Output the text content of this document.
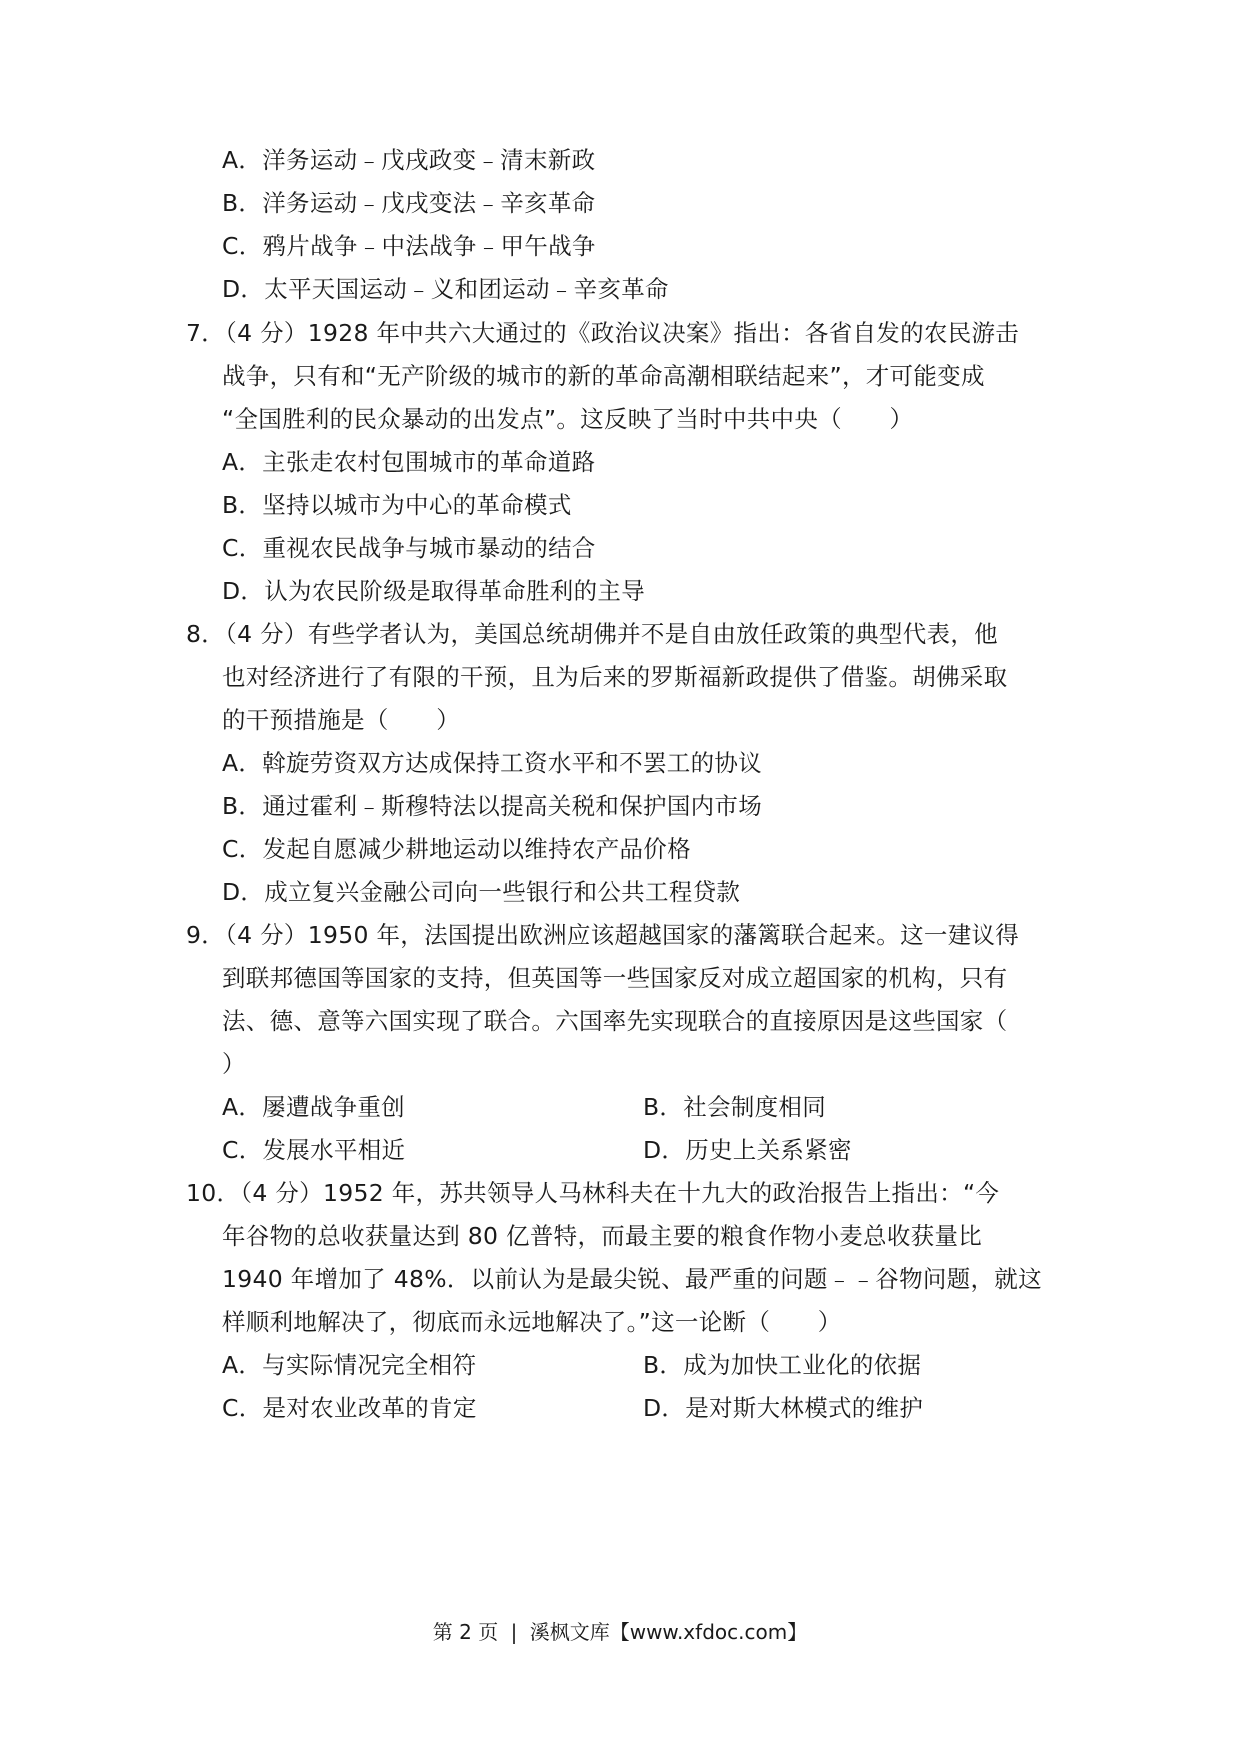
A．洋务运动﹣戊戌政变﹣清末新政
B．洋务运动﹣戊戌变法﹣辛亥革命
C．鸦片战争﹣中法战争﹣甲午战争
D．太平天国运动﹣义和团运动﹣辛亥革命
7．（4 分）1928 年中共六大通过的《政治议决案》指出：各省自发的农民游击
战争，只有和“无产阶级的城市的新的革命高潮相联结起来”，才可能变成
“全国胜利的民众暴动的出发点”。这反映了当时中共中央（　　）
A．主张走农村包围城市的革命道路
B．坚持以城市为中心的革命模式
C．重视农民战争与城市暴动的结合
D．认为农民阶级是取得革命胜利的主导
8．（4 分）有些学者认为，美国总统胡佛并不是自由放任政策的典型代表，他
也对经济进行了有限的干预，且为后来的罗斯福新政提供了借鉴。胡佛采取
的干预措施是（　　）
A．斡旋劳资双方达成保持工资水平和不罢工的协议
B．通过霍利﹣斯穆特法以提高关税和保护国内市场
C．发起自愿减少耕地运动以维持农产品价格
D．成立复兴金融公司向一些银行和公共工程贷款
9．（4 分）1950 年，法国提出欧洲应该超越国家的藩篱联合起来。这一建议得
到联邦德国等国家的支持，但英国等一些国家反对成立超国家的机构，只有
法、德、意等六国实现了联合。六国率先实现联合的直接原因是这些国家（
）
A．屡遭战争重创	B．社会制度相同
C．发展水平相近	D．历史上关系紧密
10．（4 分）1952 年，苏共领导人马林科夫在十九大的政治报告上指出：“今
年谷物的总收获量达到 80 亿普特，而最主要的粮食作物小麦总收获量比
1940 年增加了 48%．以前认为是最尖锐、最严重的问题﹣﹣谷物问题，就这
样顺利地解决了，彻底而永远地解决了。”这一论断（　　）
A．与实际情况完全相符	B．成为加快工业化的依据
C．是对农业改革的肯定	D．是对斯大林模式的维护
第 2 页 | 溪枫文库【www.xfdoc.com】
